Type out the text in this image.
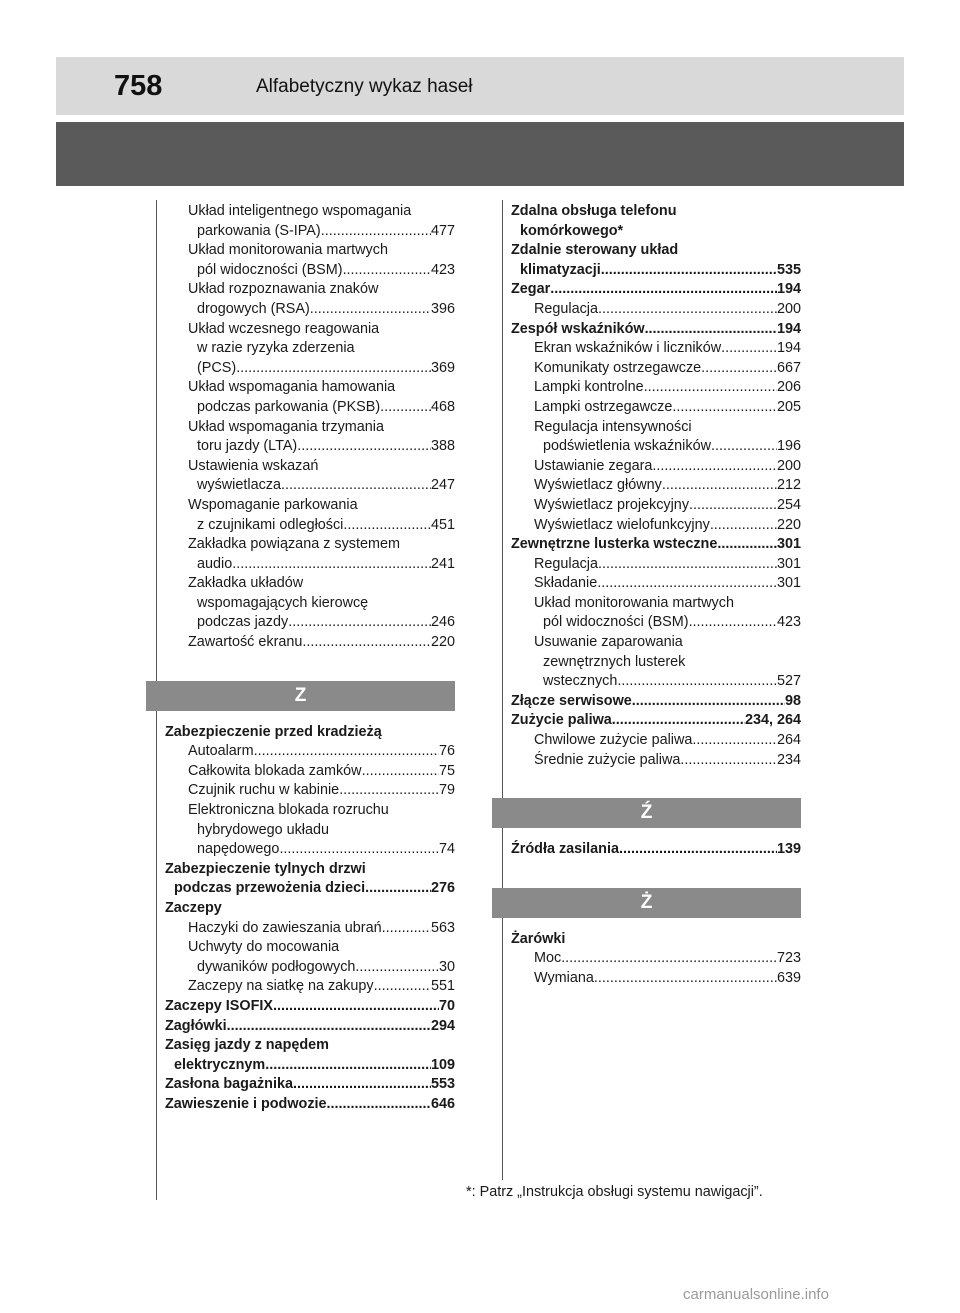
758	Alfabetyczny wykaz haseł
Układ inteligentnego wspomagania
parkowania (S-IPA) .....	477
Układ monitorowania martwych
pól widoczności (BSM) .....	423
Układ rozpoznawania znaków
drogowych (RSA) .....	396
Układ wczesnego reagowania
w razie ryzyka zderzenia
(PCS) .....	369
Układ wspomagania hamowania
podczas parkowania (PKSB) .....	468
Układ wspomagania trzymania
toru jazdy (LTA) .....	388
Ustawienia wskazań
wyświetlacza .....	247
Wspomaganie parkowania
z czujnikami odległości .....	451
Zakładka powiązana z systemem
audio .....	241
Zakładka układów
wspomagających kierowcę
podczas jazdy .....	246
Zawartość ekranu .....	220
Z
Zabezpieczenie przed kradzieżą
Autoalarm .....	76
Całkowita blokada zamków .....	75
Czujnik ruchu w kabinie .....	79
Elektroniczna blokada rozruchu
hybrydowego układu
napędowego .....	74
Zabezpieczenie tylnych drzwi
podczas przewożenia dzieci .....	276
Zaczepy
Haczyki do zawieszania ubrań .....	563
Uchwyty do mocowania
dywaników podłogowych .....	30
Zaczepy na siatkę na zakupy .....	551
Zaczepy ISOFIX .....	70
Zagłówki .....	294
Zasięg jazdy z napędem
elektrycznym .....	109
Zasłona bagażnika .....	553
Zawieszenie i podwozie .....	646
Zdalna obsługa telefonu
komórkowego*
Zdalnie sterowany układ
klimatyzacji .....	535
Zegar .....	194
Regulacja .....	200
Zespół wskaźników .....	194
Ekran wskaźników i liczników .....	194
Komunikaty ostrzegawcze .....	667
Lampki kontrolne .....	206
Lampki ostrzegawcze .....	205
Regulacja intensywności
podświetlenia wskaźników .....	196
Ustawianie zegara .....	200
Wyświetlacz główny .....	212
Wyświetlacz projekcyjny .....	254
Wyświetlacz wielofunkcyjny .....	220
Zewnętrzne lusterka wsteczne .....	301
Regulacja .....	301
Składanie .....	301
Układ monitorowania martwych
pól widoczności (BSM) .....	423
Usuwanie zaparowania
zewnętrznych lusterek
wstecznych .....	527
Złącze serwisowe .....	98
Zużycie paliwa .....	234, 264
Chwilowe zużycie paliwa .....	264
Średnie zużycie paliwa .....	234
Ź
Źródła zasilania .....	139
Ż
Żarówki
Moc .....	723
Wymiana .....	639
*: Patrz „Instrukcja obsługi systemu nawigacji”.
carmanualsonline.info
